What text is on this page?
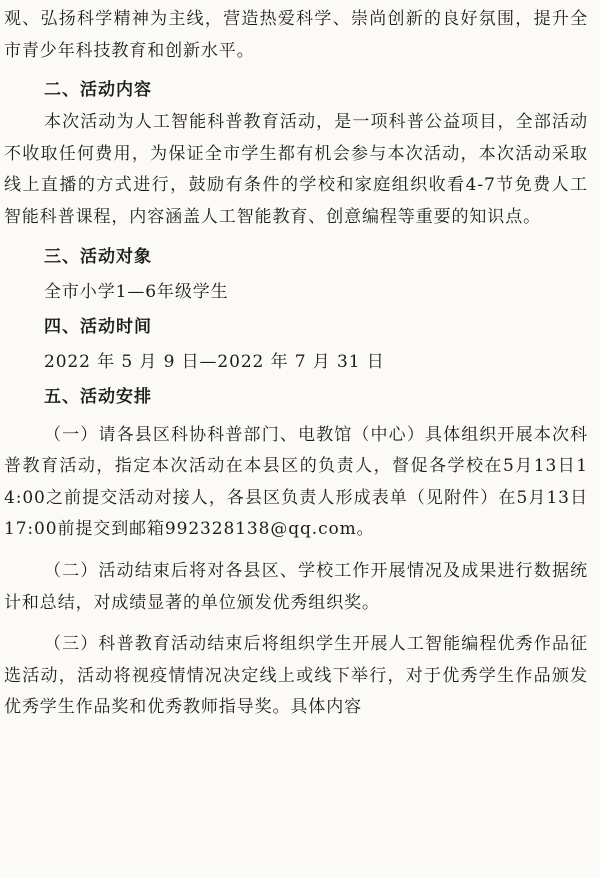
观、弘扬科学精神为主线，营造热爱科学、崇尚创新的良好氛围，提升全市青少年科技教育和创新水平。

二、活动内容

本次活动为人工智能科普教育活动，是一项科普公益项目，全部活动不收取任何费用，为保证全市学生都有机会参与本次活动，本次活动采取线上直播的方式进行，鼓励有条件的学校和家庭组织收看4-7节免费人工智能科普课程，内容涵盖人工智能教育、创意编程等重要的知识点。

三、活动对象

全市小学1—6年级学生

四、活动时间

2022 年 5 月 9 日—2022 年 7 月 31 日

五、活动安排

（一）请各县区科协科普部门、电教馆（中心）具体组织开展本次科普教育活动，指定本次活动在本县区的负责人，督促各学校在5月13日14:00之前提交活动对接人，各县区负责人形成表单（见附件）在5月13日17:00前提交到邮箱992328138@qq.com。

（二）活动结束后将对各县区、学校工作开展情况及成果进行数据统计和总结，对成绩显著的单位颁发优秀组织奖。

（三）科普教育活动结束后将组织学生开展人工智能编程优秀作品征选活动，活动将视疫情情况决定线上或线下举行，对于优秀学生作品颁发优秀学生作品奖和优秀教师指导奖。具体内容
